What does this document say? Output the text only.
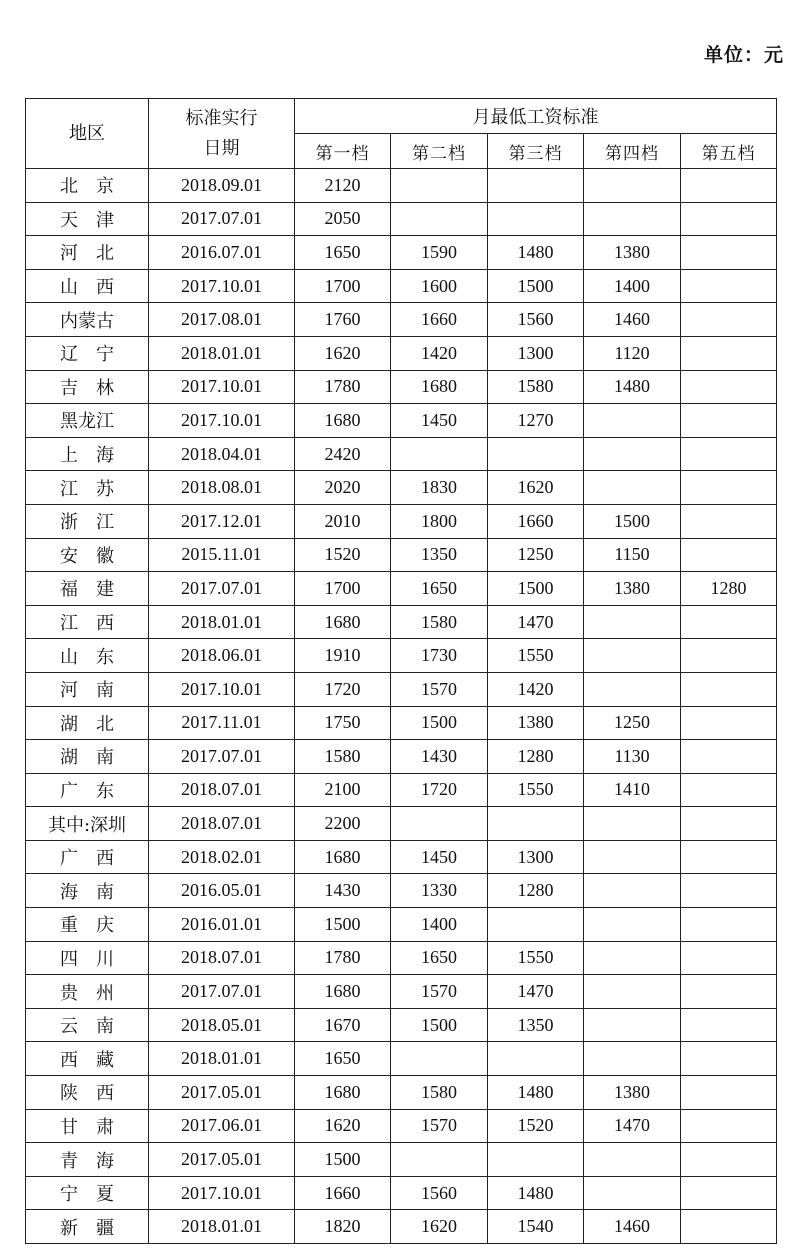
单位：元
地区	标准实行
日期	月最低工资标准				
		第一档	第二档	第三档	第四档	第五档
北京	2018.09.01	2120				
天津	2017.07.01	2050				
河北	2016.07.01	1650	1590	1480	1380	
山西	2017.10.01	1700	1600	1500	1400	
内蒙古	2017.08.01	1760	1660	1560	1460	
辽宁	2018.01.01	1620	1420	1300	1120	
吉林	2017.10.01	1780	1680	1580	1480	
黑龙江	2017.10.01	1680	1450	1270		
上海	2018.04.01	2420				
江苏	2018.08.01	2020	1830	1620		
浙江	2017.12.01	2010	1800	1660	1500	
安徽	2015.11.01	1520	1350	1250	1150	
福建	2017.07.01	1700	1650	1500	1380	1280
江西	2018.01.01	1680	1580	1470		
山东	2018.06.01	1910	1730	1550		
河南	2017.10.01	1720	1570	1420		
湖北	2017.11.01	1750	1500	1380	1250	
湖南	2017.07.01	1580	1430	1280	1130	
广东	2018.07.01	2100	1720	1550	1410	
其中:深圳	2018.07.01	2200				
广西	2018.02.01	1680	1450	1300		
海南	2016.05.01	1430	1330	1280		
重庆	2016.01.01	1500	1400			
四川	2018.07.01	1780	1650	1550		
贵州	2017.07.01	1680	1570	1470		
云南	2018.05.01	1670	1500	1350		
西藏	2018.01.01	1650				
陕西	2017.05.01	1680	1580	1480	1380	
甘肃	2017.06.01	1620	1570	1520	1470	
青海	2017.05.01	1500				
宁夏	2017.10.01	1660	1560	1480		
新疆	2018.01.01	1820	1620	1540	1460	
